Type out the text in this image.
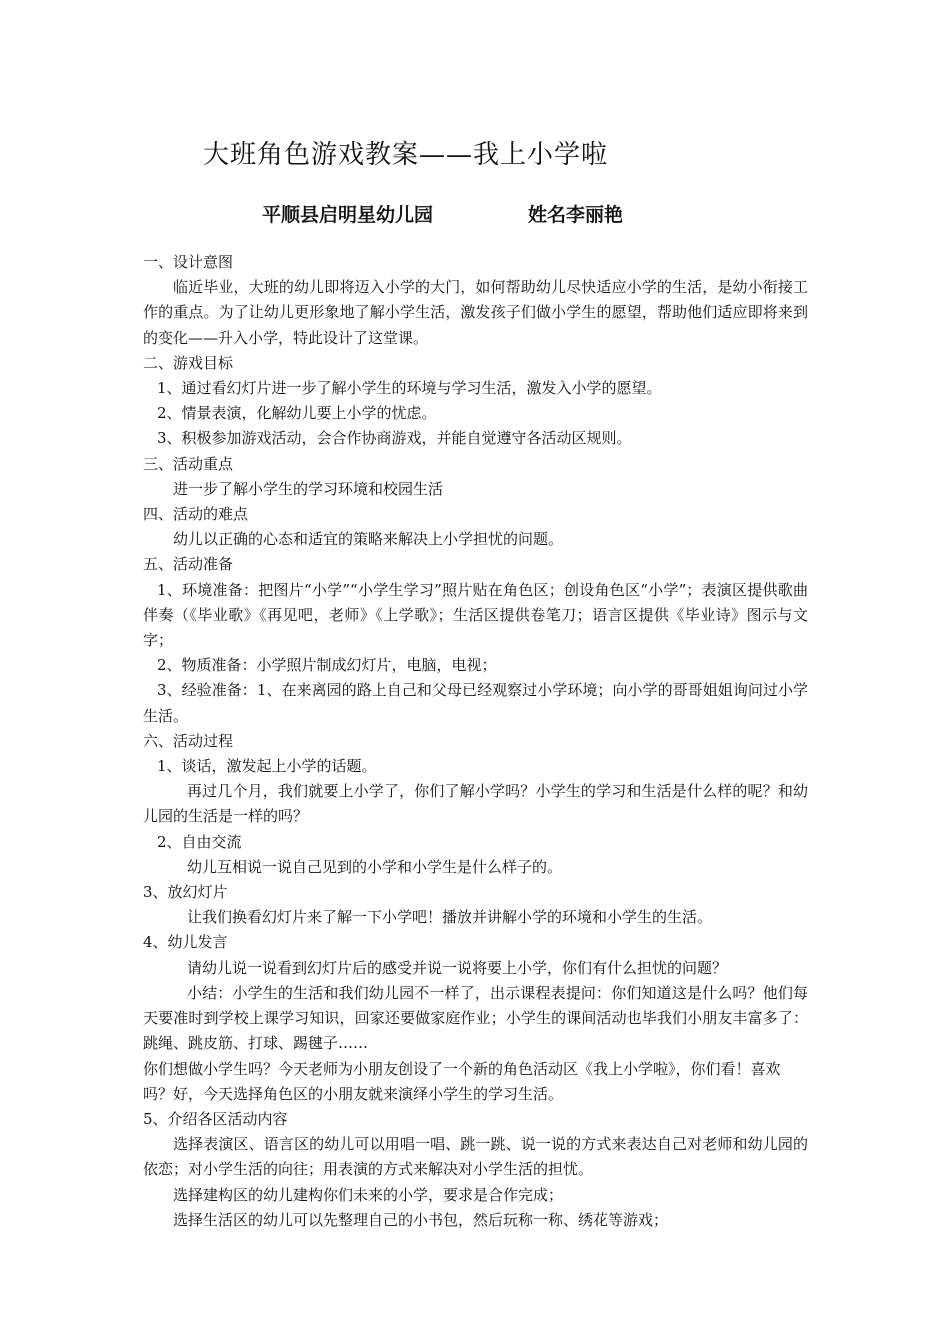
大班角色游戏教案——我上小学啦
平顺县启明星幼儿园	姓名李丽艳

一、设计意图

临近毕业，大班的幼儿即将迈入小学的大门，如何帮助幼儿尽快适应小学的生活，是幼小衔接工作的重点。为了让幼儿更形象地了解小学生活，激发孩子们做小学生的愿望，帮助他们适应即将来到的变化——升入小学，特此设计了这堂课。

二、游戏目标

1、通过看幻灯片进一步了解小学生的环境与学习生活，激发入小学的愿望。

2、情景表演，化解幼儿要上小学的忧虑。

3、积极参加游戏活动，会合作协商游戏，并能自觉遵守各活动区规则。

三、活动重点

进一步了解小学生的学习环境和校园生活

四、活动的难点

幼儿以正确的心态和适宜的策略来解决上小学担忧的问题。

五、活动准备

1、环境准备：把图片“小学”“小学生学习”照片贴在角色区；创设角色区“小学”；表演区提供歌曲伴奏（《毕业歌》《再见吧，老师》《上学歌》；生活区提供卷笔刀；语言区提供《毕业诗》图示与文字；

2、物质准备：小学照片制成幻灯片，电脑，电视；

3、经验准备：1、在来离园的路上自己和父母已经观察过小学环境；向小学的哥哥姐姐询问过小学生活。

六、活动过程

1、谈话，激发起上小学的话题。

再过几个月，我们就要上小学了，你们了解小学吗？小学生的学习和生活是什么样的呢？和幼儿园的生活是一样的吗？

2、自由交流

幼儿互相说一说自己见到的小学和小学生是什么样子的。

3、放幻灯片

让我们换看幻灯片来了解一下小学吧！播放并讲解小学的环境和小学生的生活。

4、幼儿发言

请幼儿说一说看到幻灯片后的感受并说一说将要上小学，你们有什么担忧的问题？

小结：小学生的生活和我们幼儿园不一样了，出示课程表提问：你们知道这是什么吗？他们每天要准时到学校上课学习知识，回家还要做家庭作业；小学生的课间活动也毕我们小朋友丰富多了：跳绳、跳皮筋、打球、踢毽子……

你们想做小学生吗？今天老师为小朋友创设了一个新的角色活动区《我上小学啦》，你们看！喜欢吗？好，今天选择角色区的小朋友就来演绎小学生的学习生活。

5、介绍各区活动内容

选择表演区、语言区的幼儿可以用唱一唱、跳一跳、说一说的方式来表达自己对老师和幼儿园的依恋；对小学生活的向往；用表演的方式来解决对小学生活的担忧。

选择建构区的幼儿建构你们未来的小学，要求是合作完成；

选择生活区的幼儿可以先整理自己的小书包，然后玩称一称、绣花等游戏；
